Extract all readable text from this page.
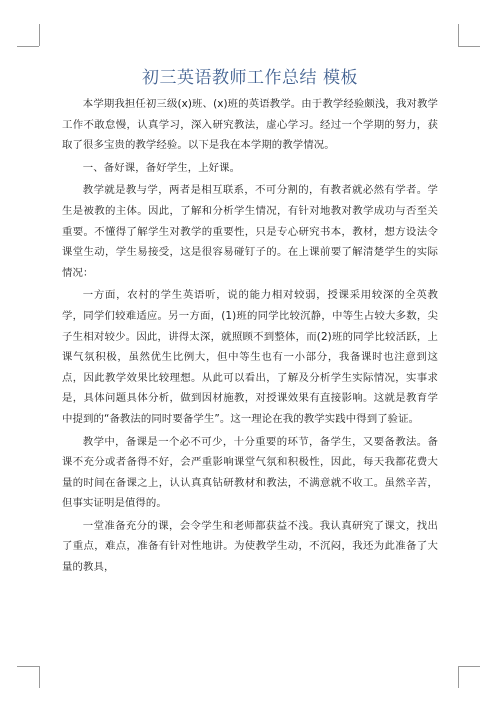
初三英语教师工作总结 模板

本学期我担任初三级(x)班、(x)班的英语教学。由于教学经验颇浅，我对教学工作不敢怠慢，认真学习，深入研究教法，虚心学习。经过一个学期的努力，获取了很多宝贵的教学经验。以下是我在本学期的教学情况。

一、备好课，备好学生，上好课。

教学就是教与学，两者是相互联系，不可分割的，有教者就必然有学者。学生是被教的主体。因此，了解和分析学生情况，有针对地教对教学成功与否至关重要。不懂得了解学生对教学的重要性，只是专心研究书本，教材，想方设法令课堂生动，学生易接受，这是很容易碰钉子的。在上课前要了解清楚学生的实际情况：

一方面，农村的学生英语听，说的能力相对较弱，授课采用较深的全英教学，同学们较难适应。另一方面，(1)班的同学比较沉静，中等生占较大多数，尖子生相对较少。因此，讲得太深，就照顾不到整体，而(2)班的同学比较活跃，上课气氛积极，虽然优生比例大，但中等生也有一小部分，我备课时也注意到这点，因此教学效果比较理想。从此可以看出，了解及分析学生实际情况，实事求是，具体问题具体分析，做到因材施教，对授课效果有直接影响。这就是教育学中提到的“备教法的同时要备学生”。这一理论在我的教学实践中得到了验证。

教学中，备课是一个必不可少，十分重要的环节，备学生，又要备教法。备课不充分或者备得不好，会严重影响课堂气氛和积极性，因此，每天我都花费大量的时间在备课之上，认认真真钻研教材和教法，不满意就不收工。虽然辛苦，但事实证明是值得的。

一堂准备充分的课，会令学生和老师都获益不浅。我认真研究了课文，找出了重点，难点，准备有针对性地讲。为使教学生动，不沉闷，我还为此准备了大量的教具，
